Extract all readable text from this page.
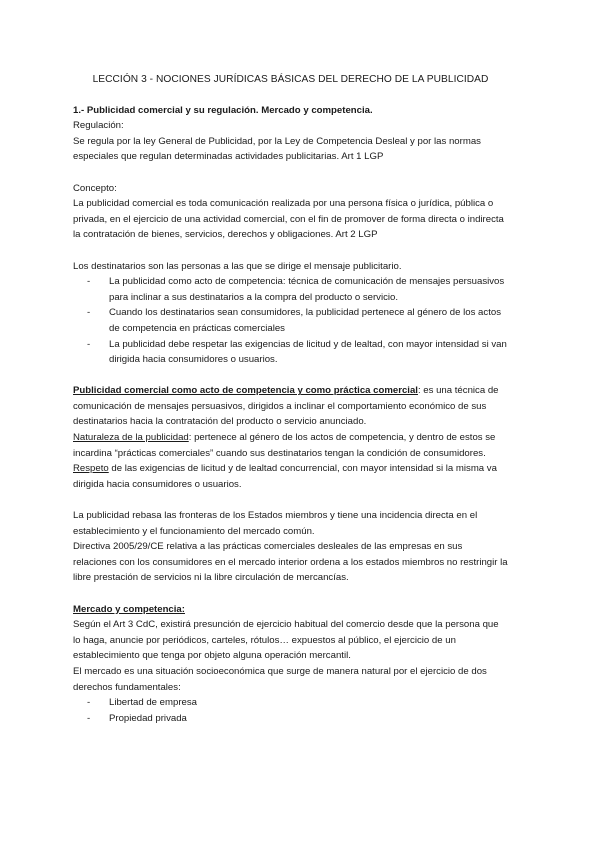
LECCIÓN 3 - NOCIONES JURÍDICAS BÁSICAS DEL DERECHO DE LA PUBLICIDAD

1.- Publicidad comercial y su regulación. Mercado y competencia.

Regulación:

Se regula por la ley General de Publicidad, por la Ley de Competencia Desleal y por las normas especiales que regulan determinadas actividades publicitarias. Art 1 LGP

Concepto:

La publicidad comercial es toda comunicación realizada por una persona física o jurídica, pública o privada, en el ejercicio de una actividad comercial, con el fin de promover de forma directa o indirecta la contratación de bienes, servicios, derechos y obligaciones. Art 2 LGP

Los destinatarios son las personas a las que se dirige el mensaje publicitario.

- La publicidad como acto de competencia: técnica de comunicación de mensajes persuasivos para inclinar a sus destinatarios a la compra del producto o servicio.
- Cuando los destinatarios sean consumidores, la publicidad pertenece al género de los actos de competencia en prácticas comerciales
- La publicidad debe respetar las exigencias de licitud y de lealtad, con mayor intensidad si van dirigida hacia consumidores o usuarios.

Publicidad comercial como acto de competencia y como práctica comercial: es una técnica de comunicación de mensajes persuasivos, dirigidos a inclinar el comportamiento económico de sus destinatarios hacia la contratación del producto o servicio anunciado.

Naturaleza de la publicidad: pertenece al género de los actos de competencia, y dentro de estos se incardina “prácticas comerciales” cuando sus destinatarios tengan la condición de consumidores.

Respeto de las exigencias de licitud y de lealtad concurrencial, con mayor intensidad si la misma va dirigida hacia consumidores o usuarios.

La publicidad rebasa las fronteras de los Estados miembros y tiene una incidencia directa en el establecimiento y el funcionamiento del mercado común.

Directiva 2005/29/CE relativa a las prácticas comerciales desleales de las empresas en sus relaciones con los consumidores en el mercado interior ordena a los estados miembros no restringir la libre prestación de servicios ni la libre circulación de mercancías.

Mercado y competencia:

Según el Art 3 CdC, existirá presunción de ejercicio habitual del comercio desde que la persona que lo haga, anuncie por periódicos, carteles, rótulos… expuestos al público, el ejercicio de un establecimiento que tenga por objeto alguna operación mercantil.

El mercado es una situación socioeconómica que surge de manera natural por el ejercicio de dos derechos fundamentales:

- Libertad de empresa
- Propiedad privada
